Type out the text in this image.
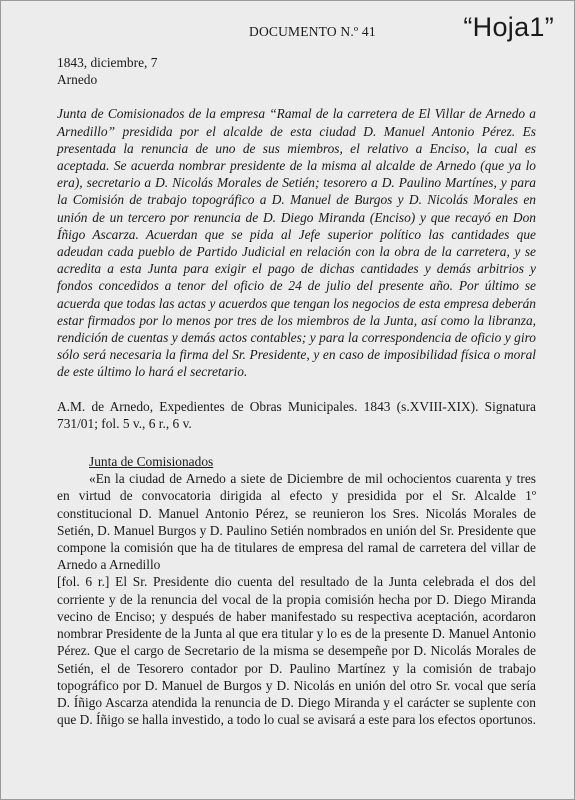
DOCUMENTO N.º 41	“Hoja1”
1843, diciembre, 7
Arnedo
Junta de Comisionados de la empresa “Ramal de la carretera de El Villar de Arnedo a Arnedillo” presidida por el alcalde de esta ciudad D. Manuel Antonio Pérez. Es presentada la renuncia de uno de sus miembros, el relativo a Enciso, la cual es aceptada. Se acuerda nombrar presidente de la misma al alcalde de Arnedo (que ya lo era), secretario a D. Nicolás Morales de Setién; tesorero a D. Paulino Martínes, y para la Comisión de trabajo topográfico a D. Manuel de Burgos y D. Nicolás Morales en unión de un tercero por renuncia de D. Diego Miranda (Enciso) y que recayó en Don Íñigo Ascarza. Acuerdan que se pida al Jefe superior político las cantidades que adeudan cada pueblo de Partido Judicial en relación con la obra de la carretera, y se acredita a esta Junta para exigir el pago de dichas cantidades y demás arbitrios y fondos concedidos a tenor del oficio de 24 de julio del presente año. Por último se acuerda que todas las actas y acuerdos que tengan los negocios de esta empresa deberán estar firmados por lo menos por tres de los miembros de la Junta, así como la libranza, rendición de cuentas y demás actos contables; y para la correspondencia de oficio y giro sólo será necesaria la firma del Sr. Presidente, y en caso de imposibilidad física o moral de este último lo hará el secretario.
A.M. de Arnedo, Expedientes de Obras Municipales. 1843 (s.XVIII-XIX). Signatura 731/01; fol. 5 v., 6 r., 6 v.
Junta de Comisionados
«En la ciudad de Arnedo a siete de Diciembre de mil ochocientos cuarenta y tres en virtud de convocatoria dirigida al efecto y presidida por el Sr. Alcalde 1º constitucional D. Manuel Antonio Pérez, se reunieron los Sres. Nicolás Morales de Setién, D. Manuel Burgos y D. Paulino Setién nombrados en unión del Sr. Presidente que compone la comisión que ha de titulares de empresa del ramal de carretera del villar de Arnedo a Arnedillo
[fol. 6 r.] El Sr. Presidente dio cuenta del resultado de la Junta celebrada el dos del corriente y de la renuncia del vocal de la propia comisión hecha por D. Diego Miranda vecino de Enciso; y después de haber manifestado su respectiva aceptación, acordaron nombrar Presidente de la Junta al que era titular y lo es de la presente D. Manuel Antonio Pérez. Que el cargo de Secretario de la misma se desempeñe por D. Nicolás Morales de Setién, el de Tesorero contador por D. Paulino Martínez y la comisión de trabajo topográfico por D. Manuel de Burgos y D. Nicolás en unión del otro Sr. vocal que sería D. Íñigo Ascarza atendida la renuncia de D. Diego Miranda y el carácter se suplente con que D. Íñigo se halla investido, a todo lo cual se avisará a este para los efectos oportunos.
